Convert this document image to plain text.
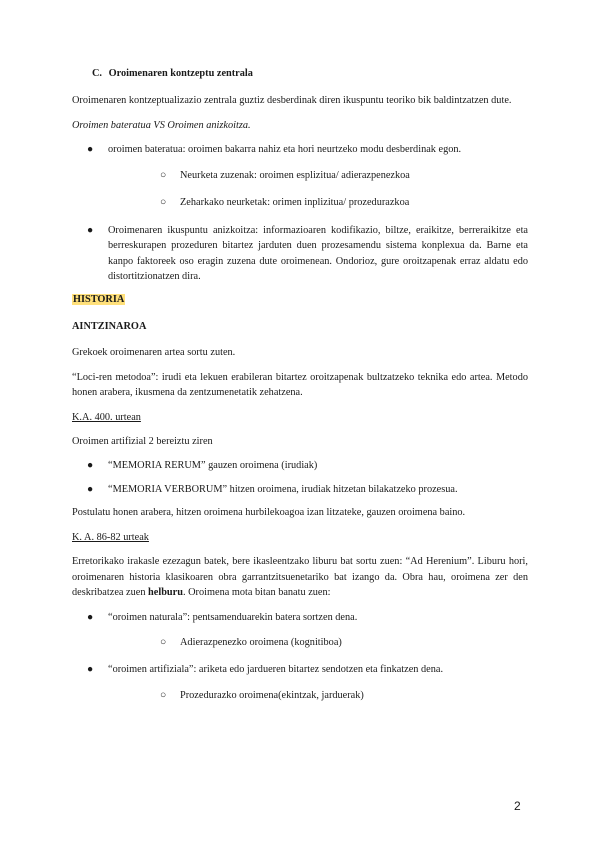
C. Oroimenaren kontzeptu zentrala

Oroimenaren kontzeptualizazio zentrala guztiz desberdinak diren ikuspuntu teoriko bik baldintzatzen dute.

Oroimen bateratua VS Oroimen anizkoitza.

● oroimen bateratua: oroimen bakarra nahiz eta hori neurtzeko modu desberdinak egon.
○ Neurketa zuzenak: oroimen esplizitua/ adierazpenezkoa
○ Zeharkako neurketak: orimen inplizitua/ prozedurazkoa
● Oroimenaren ikuspuntu anizkoitza: informazioaren kodifikazio, biltze, eraikitze, berreraikitze eta berreskurapen prozeduren bitartez jarduten duen prozesamendu sistema konplexua da. Barne eta kanpo faktoreek oso eragin zuzena dute oroimenean. Ondorioz, gure oroitzapenak erraz aldatu edo distortitzionatzen dira.
HISTORIA
AINTZINAROA

Grekoek oroimenaren artea sortu zuten.

“Loci-ren metodoa”: irudi eta lekuen erabileran bitartez oroitzapenak bultzatzeko teknika edo artea. Metodo honen arabera, ikusmena da zentzumenetatik zehatzena.

K.A. 400. urtean

Oroimen artifizial 2 bereiztu ziren

● “MEMORIA RERUM” gauzen oroimena (irudiak)
● “MEMORIA VERBORUM” hitzen oroimena, irudiak hitzetan bilakatzeko prozesua.

Postulatu honen arabera, hitzen oroimena hurbilekoagoa izan litzateke, gauzen oroimena baino.

K. A. 86-82 urteak

Erretorikako irakasle ezezagun batek, bere ikasleentzako liburu bat sortu zuen: “Ad Herenium”. Liburu hori, oroimenaren historia klasikoaren obra garrantzitsuenetariko bat izango da. Obra hau, oroimena zer den deskribatzea zuen helburu. Oroimena mota bitan banatu zuen:

● “oroimen naturala”: pentsamenduarekin batera sortzen dena.
○ Adierazpenezko oroimena (kognitiboa)
● “oroimen artifiziala”: ariketa edo jardueren bitartez sendotzen eta finkatzen dena.
○ Prozedurazko oroimena(ekintzak, jarduerak)
2
